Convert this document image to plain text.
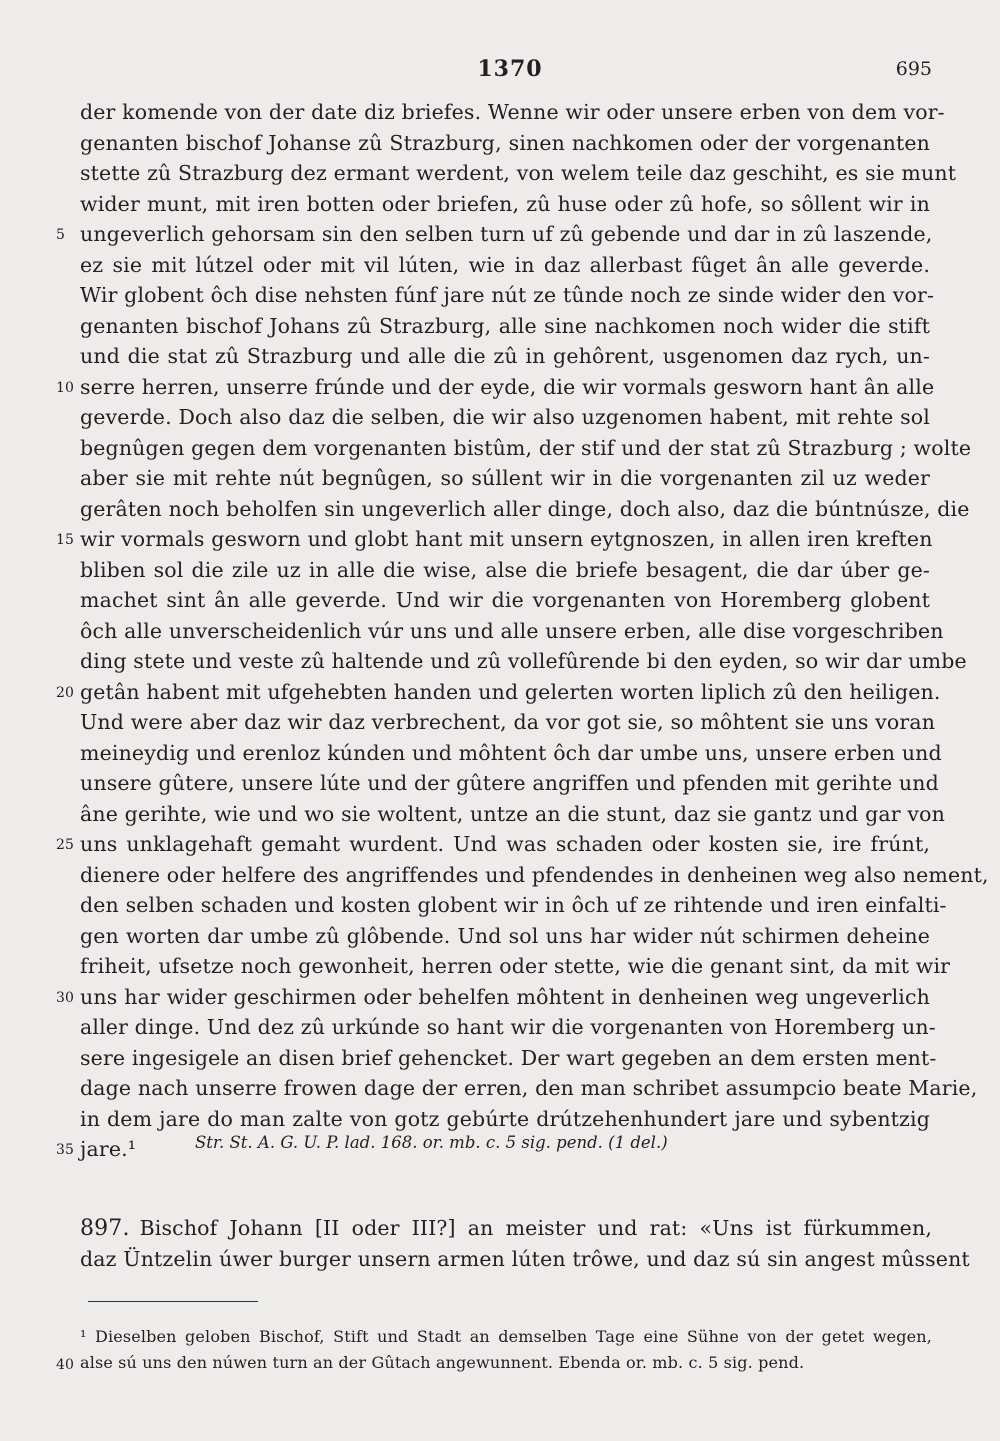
1370	695
der komende von der date diz briefes. Wenne wir oder unsere erben von dem vor-
genanten bischof Johanse zû Strazburg, sinen nachkomen oder der vorgenanten
stette zû Strazburg dez ermant werdent, von welem teile daz geschiht, es sie munt
wider munt, mit iren botten oder briefen, zû huse oder zû hofe, so sôllent wir in
5 ungeverlich gehorsam sin den selben turn uf zû gebende und dar in zû laszende,
ez sie mit lútzel oder mit vil lúten, wie in daz allerbast fûget ân alle geverde.
Wir globent ôch dise nehsten fúnf jare nút ze tûnde noch ze sinde wider den vor-
genanten bischof Johans zû Strazburg, alle sine nachkomen noch wider die stift
und die stat zû Strazburg und alle die zû in gehôrent, usgenomen daz rych, un-
10 serre herren, unserre frúnde und der eyde, die wir vormals gesworn hant ân alle
geverde. Doch also daz die selben, die wir also uzgenomen habent, mit rehte sol
begnûgen gegen dem vorgenanten bistûm, der stif und der stat zû Strazburg ; wolte
aber sie mit rehte nút begnûgen, so súllent wir in die vorgenanten zil uz weder
gerâten noch beholfen sin ungeverlich aller dinge, doch also, daz die búntnúsze, die
15 wir vormals gesworn und globt hant mit unsern eytgnoszen, in allen iren kreften
bliben sol die zile uz in alle die wise, alse die briefe besagent, die dar úber ge-
machet sint ân alle geverde. Und wir die vorgenanten von Horemberg globent
ôch alle unverscheidenlich vúr uns und alle unsere erben, alle dise vorgeschriben
ding stete und veste zû haltende und zû vollefûrende bi den eyden, so wir dar umbe
20 getân habent mit ufgehebten handen und gelerten worten liplich zû den heiligen.
Und were aber daz wir daz verbrechent, da vor got sie, so môhtent sie uns voran
meineydig und erenloz kúnden und môhtent ôch dar umbe uns, unsere erben und
unsere gûtere, unsere lúte und der gûtere angriffen und pfenden mit gerihte und
âne gerihte, wie und wo sie woltent, untze an die stunt, daz sie gantz und gar von
25 uns unklagehaft gemaht wurdent. Und was schaden oder kosten sie, ire frúnt,
dienere oder helfere des angriffendes und pfendendes in denheinen weg also nement,
den selben schaden und kosten globent wir in ôch uf ze rihtende und iren einfalti-
gen worten dar umbe zû glôbende. Und sol uns har wider nút schirmen deheine
friheit, ufsetze noch gewonheit, herren oder stette, wie die genant sint, da mit wir
30 uns har wider geschirmen oder behelfen môhtent in denheinen weg ungeverlich
aller dinge. Und dez zû urkúnde so hant wir die vorgenanten von Horemberg un-
sere ingesigele an disen brief gehencket. Der wart gegeben an dem ersten ment-
dage nach unserre frowen dage der erren, den man schribet assumpcio beate Marie,
in dem jare do man zalte von gotz gebúrte drútzehenhundert jare und sybentzig
35 jare.¹	Str. St. A. G. U. P. lad. 168. or. mb. c. 5 sig. pend. (1 del.)
897. Bischof Johann [II oder III?] an meister und rat: «Uns ist fürkummen,
daz Üntzelin úwer burger unsern armen lúten trôwe, und daz sú sin angest mûssent
¹ Dieselben geloben Bischof, Stift und Stadt an demselben Tage eine Sühne von der getet wegen,
40 alse sú uns den núwen turn an der Gûtach angewunnent. Ebenda or. mb. c. 5 sig. pend.
